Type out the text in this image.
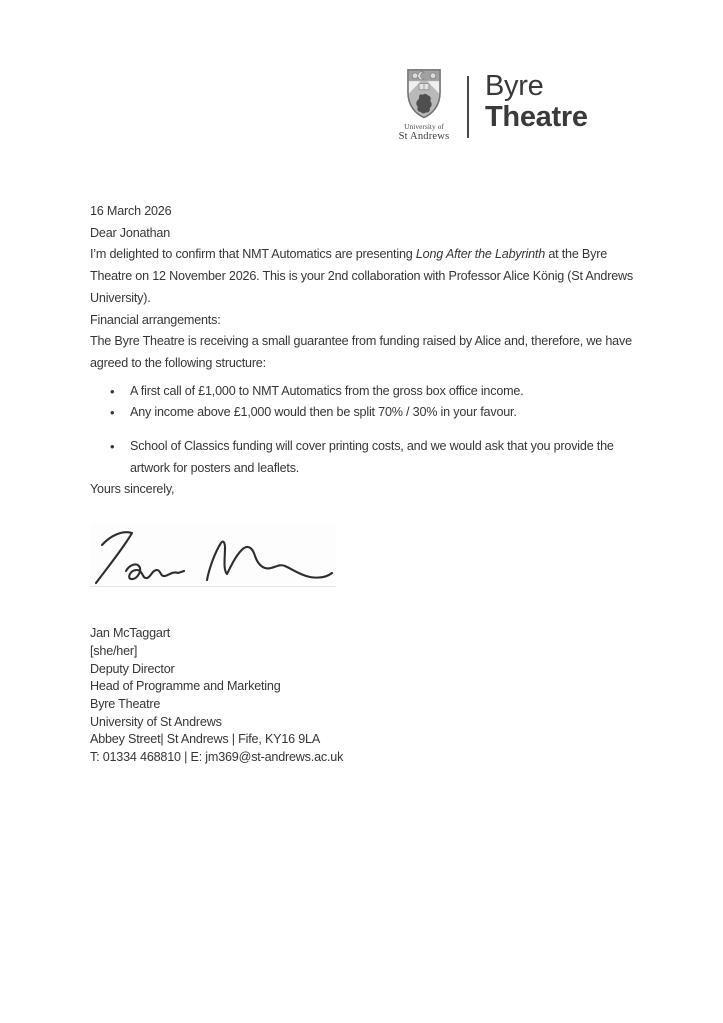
University of
St Andrews
Byre
Theatre

16 March 2026

Dear Jonathan

I’m delighted to confirm that NMT Automatics are presenting Long After the Labyrinth at the Byre Theatre on 12 November 2026. This is your 2nd collaboration with Professor Alice König (St Andrews University).

Financial arrangements:
The Byre Theatre is receiving a small guarantee from funding raised by Alice and, therefore, we have agreed to the following structure:
• A first call of £1,000 to NMT Automatics from the gross box office income.
• Any income above £1,000 would then be split 70% / 30% in your favour.
• School of Classics funding will cover printing costs, and we would ask that you provide the artwork for posters and leaflets.

Yours sincerely,

Jan McTaggart
[she/her]
Deputy Director
Head of Programme and Marketing
Byre Theatre
University of St Andrews
Abbey Street| St Andrews | Fife, KY16 9LA
T: 01334 468810 | E: jm369@st-andrews.ac.uk
